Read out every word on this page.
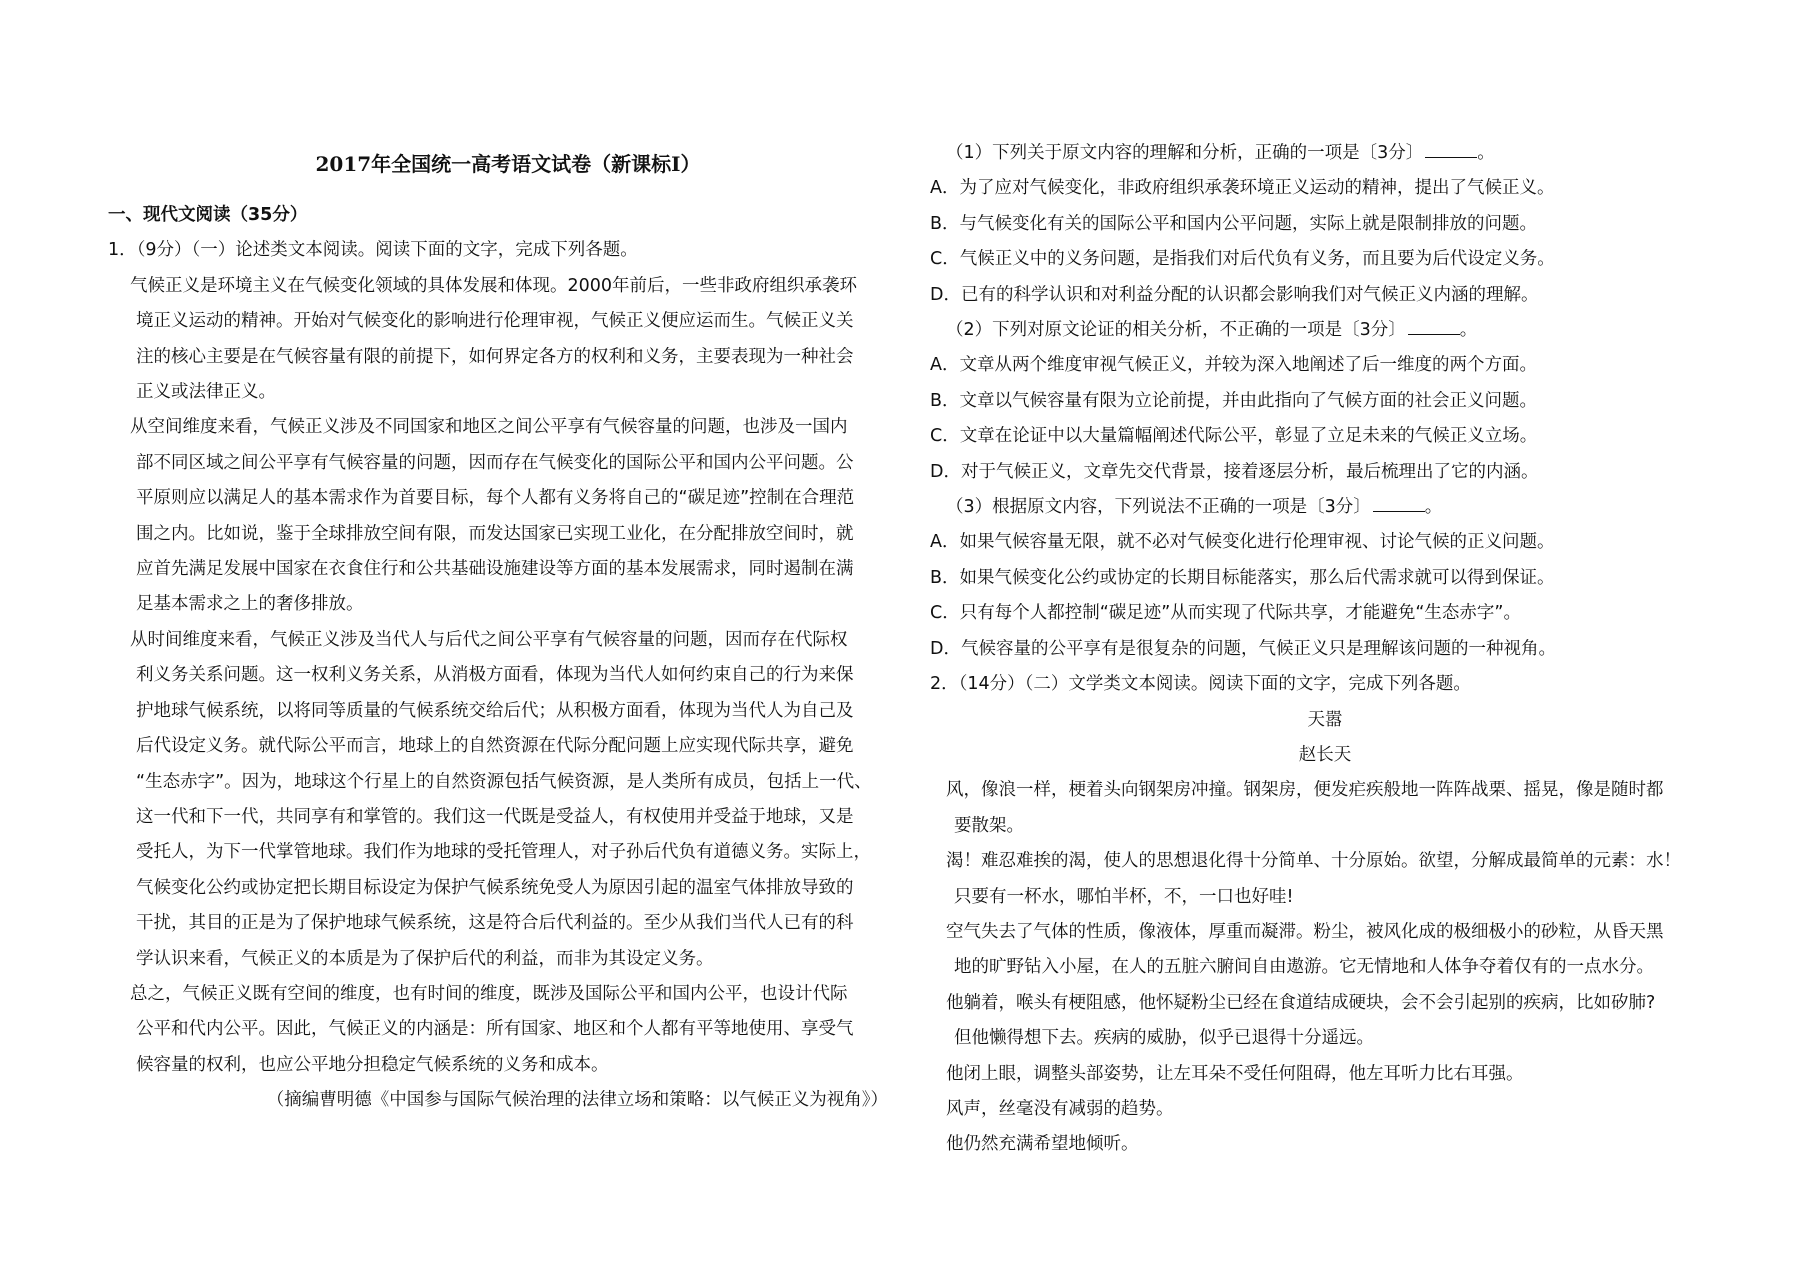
2017年全国统一高考语文试卷（新课标I）
一、现代文阅读（35分）
1．（9分）（一）论述类文本阅读。阅读下面的文字，完成下列各题。
气候正义是环境主义在气候变化领域的具体发展和体现。2000年前后，一些非政府组织承袭环
境正义运动的精神。开始对气候变化的影响进行伦理审视，气候正义便应运而生。气候正义关
注的核心主要是在气候容量有限的前提下，如何界定各方的权利和义务，主要表现为一种社会
正义或法律正义。
从空间维度来看，气候正义涉及不同国家和地区之间公平享有气候容量的问题，也涉及一国内
部不同区域之间公平享有气候容量的问题，因而存在气候变化的国际公平和国内公平问题。公
平原则应以满足人的基本需求作为首要目标，每个人都有义务将自己的“碳足迹”控制在合理范
围之内。比如说，鉴于全球排放空间有限，而发达国家已实现工业化，在分配排放空间时，就
应首先满足发展中国家在衣食住行和公共基础设施建设等方面的基本发展需求，同时遏制在满
足基本需求之上的奢侈排放。
从时间维度来看，气候正义涉及当代人与后代之间公平享有气候容量的问题，因而存在代际权
利义务关系问题。这一权利义务关系，从消极方面看，体现为当代人如何约束自己的行为来保
护地球气候系统，以将同等质量的气候系统交给后代；从积极方面看，体现为当代人为自己及
后代设定义务。就代际公平而言，地球上的自然资源在代际分配问题上应实现代际共享，避免
“生态赤字”。因为，地球这个行星上的自然资源包括气候资源，是人类所有成员，包括上一代、
这一代和下一代，共同享有和掌管的。我们这一代既是受益人，有权使用并受益于地球，又是
受托人，为下一代掌管地球。我们作为地球的受托管理人，对子孙后代负有道德义务。实际上，
气候变化公约或协定把长期目标设定为保护气候系统免受人为原因引起的温室气体排放导致的
干扰，其目的正是为了保护地球气候系统，这是符合后代利益的。至少从我们当代人已有的科
学认识来看，气候正义的本质是为了保护后代的利益，而非为其设定义务。
总之，气候正义既有空间的维度，也有时间的维度，既涉及国际公平和国内公平，也设计代际
公平和代内公平。因此，气候正义的内涵是：所有国家、地区和个人都有平等地使用、享受气
候容量的权利，也应公平地分担稳定气候系统的义务和成本。
（摘编曹明德《中国参与国际气候治理的法律立场和策略：以气候正义为视角》）
（1）下列关于原文内容的理解和分析，正确的一项是〔3分〕	。
A．为了应对气候变化，非政府组织承袭环境正义运动的精神，提出了气候正义。
B．与气候变化有关的国际公平和国内公平问题，实际上就是限制排放的问题。
C．气候正义中的义务问题，是指我们对后代负有义务，而且要为后代设定义务。
D．已有的科学认识和对利益分配的认识都会影响我们对气候正义内涵的理解。
（2）下列对原文论证的相关分析，不正确的一项是〔3分〕	。
A．文章从两个维度审视气候正义，并较为深入地阐述了后一维度的两个方面。
B．文章以气候容量有限为立论前提，并由此指向了气候方面的社会正义问题。
C．文章在论证中以大量篇幅阐述代际公平，彰显了立足未来的气候正义立场。
D．对于气候正义，文章先交代背景，接着逐层分析，最后梳理出了它的内涵。
（3）根据原文内容，下列说法不正确的一项是〔3分〕	。
A．如果气候容量无限，就不必对气候变化进行伦理审视、讨论气候的正义问题。
B．如果气候变化公约或协定的长期目标能落实，那么后代需求就可以得到保证。
C．只有每个人都控制“碳足迹”从而实现了代际共享，才能避免“生态赤字”。
D．气候容量的公平享有是很复杂的问题，气候正义只是理解该问题的一种视角。
2．（14分）（二）文学类文本阅读。阅读下面的文字，完成下列各题。
天嚣
赵长天
风，像浪一样，梗着头向钢架房冲撞。钢架房，便发疟疾般地一阵阵战栗、摇晃，像是随时都
要散架。
渴！难忍难挨的渴，使人的思想退化得十分简单、十分原始。欲望，分解成最简单的元素：水！
只要有一杯水，哪怕半杯，不，一口也好哇!
空气失去了气体的性质，像液体，厚重而凝滞。粉尘，被风化成的极细极小的砂粒，从昏天黑
地的旷野钻入小屋，在人的五脏六腑间自由遨游。它无情地和人体争夺着仅有的一点水分。
他躺着，喉头有梗阻感，他怀疑粉尘已经在食道结成硬块，会不会引起别的疾病，比如矽肺?
但他懒得想下去。疾病的威胁，似乎已退得十分遥远。
他闭上眼，调整头部姿势，让左耳朵不受任何阻碍，他左耳听力比右耳强。
风声，丝毫没有减弱的趋势。
他仍然充满希望地倾听。
